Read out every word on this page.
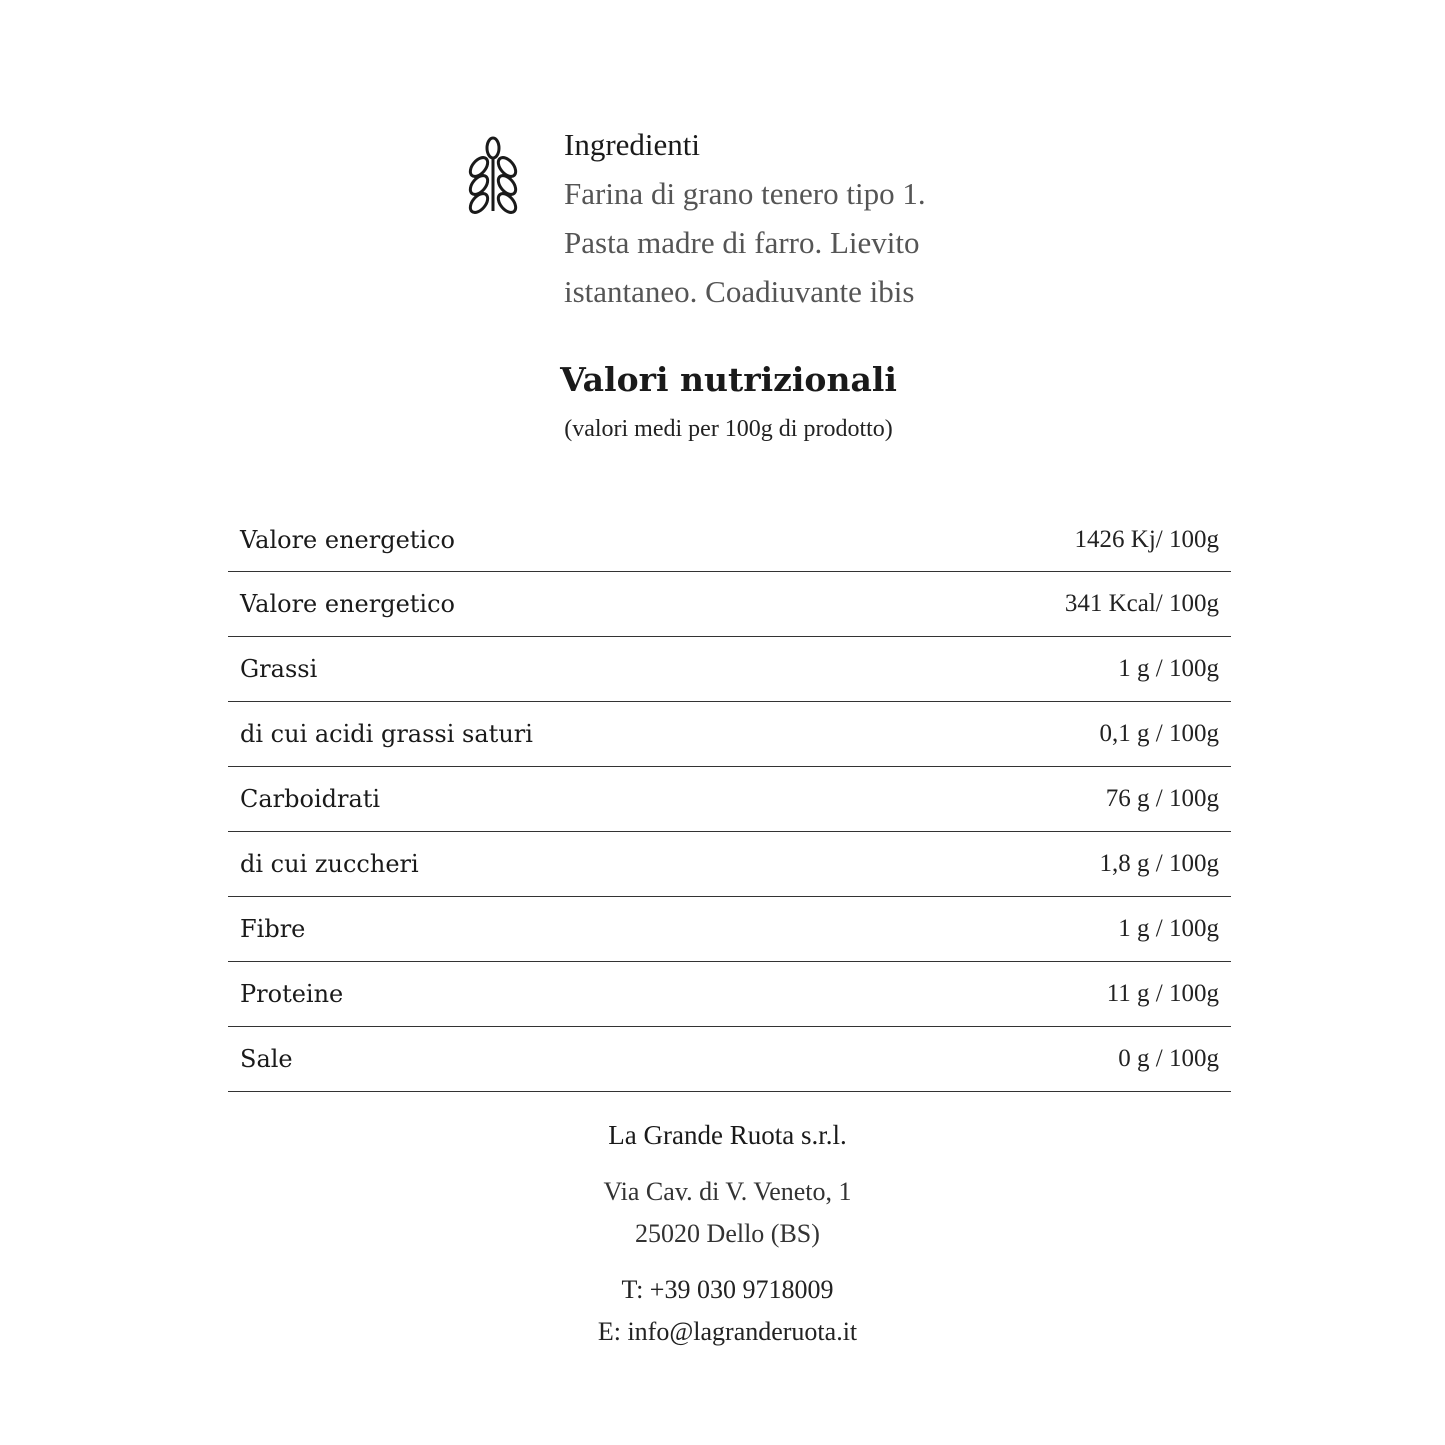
Ingredienti

Farina di grano tenero tipo 1.
Pasta madre di farro. Lievito
istantaneo. Coadiuvante ibis

Valori nutrizionali

(valori medi per 100g di prodotto)

Valore energetico	1426 Kj/ 100g
Valore energetico	341 Kcal/ 100g
Grassi	1 g / 100g
di cui acidi grassi saturi	0,1 g / 100g
Carboidrati	76 g / 100g
di cui zuccheri	1,8 g / 100g
Fibre	1 g / 100g
Proteine	11 g / 100g
Sale	0 g / 100g

La Grande Ruota s.r.l.

Via Cav. di V. Veneto, 1
25020 Dello (BS)

T: +39 030 9718009
E: info@lagranderuota.it
